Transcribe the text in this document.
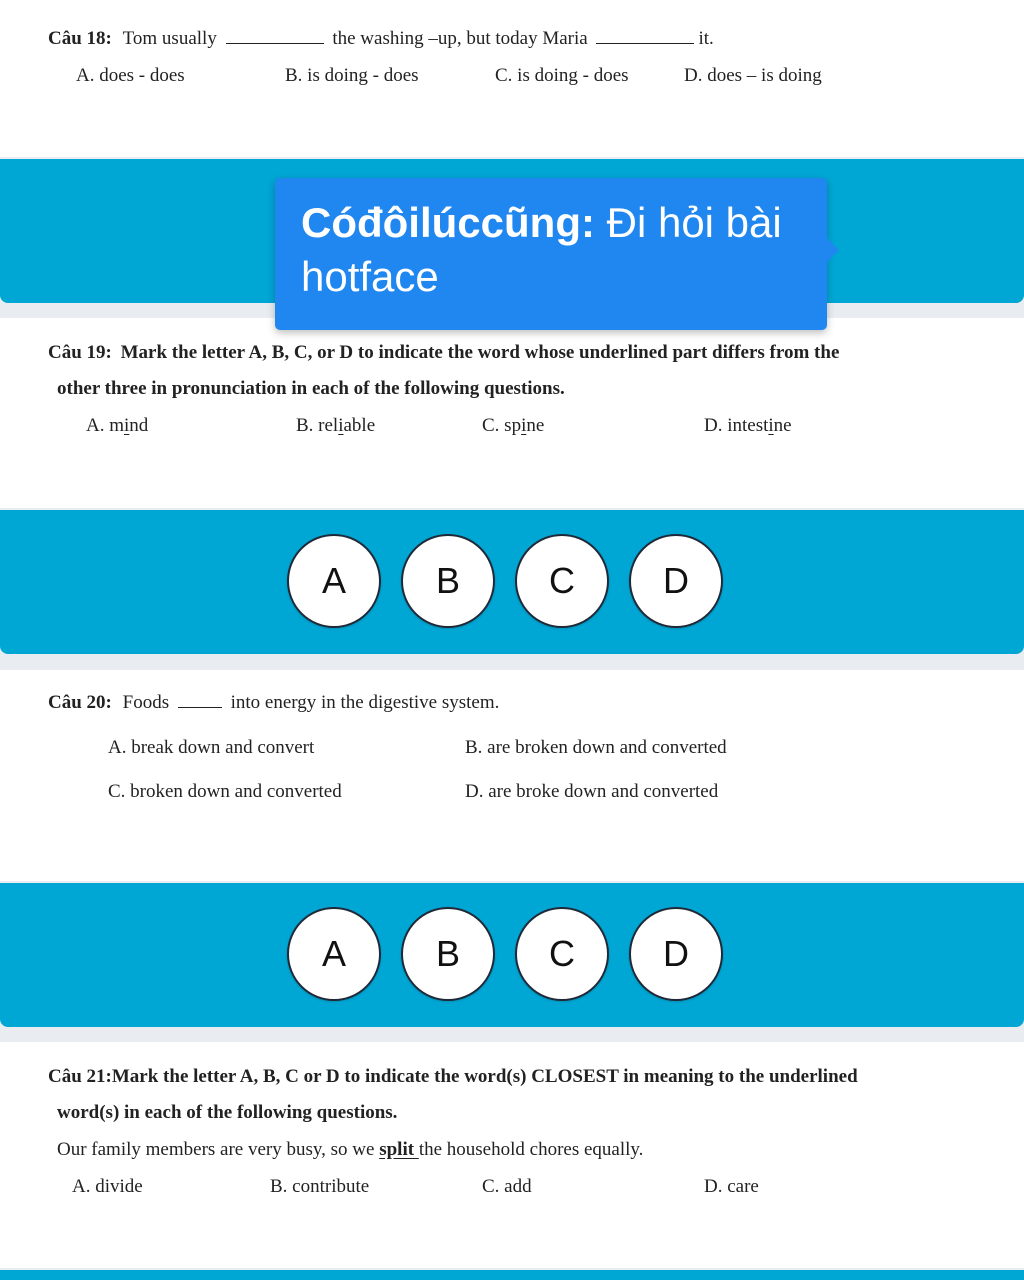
Câu 18: Tom usually	the washing –up, but today Maria	it.
A. does - does	B. is doing - does	C. is doing - does	D. does – is doing
Câu 19: Mark the letter A, B, C, or D to indicate the word whose underlined part differs from the
other three in pronunciation in each of the following questions.
A. mind	B. reliable	C. spine	D. intestine
A	B	C	D
Câu 20: Foods	into energy in the digestive system.
A. break down and convert	B. are broken down and converted
C. broken down and converted	D. are broke down and converted
A	B	C	D
Câu 21:Mark the letter A, B, C or D to indicate the word(s) CLOSEST in meaning to the underlined
word(s) in each of the following questions.
Our family members are very busy, so we split the household chores equally.
A. divide	B. contribute	C. add	D. care
Cóđôilúccũng: Đi hỏi bài hotface
